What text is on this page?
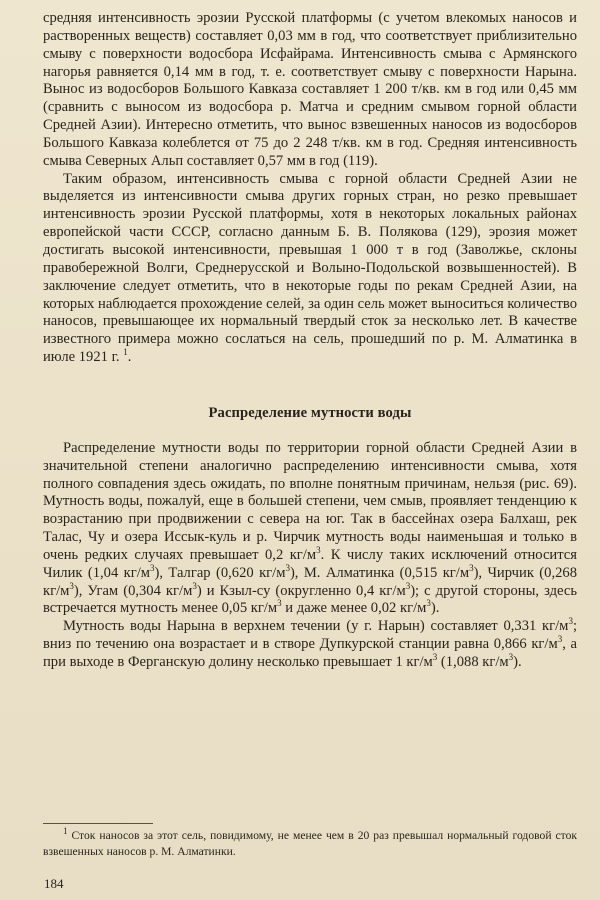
средняя интенсивность эрозии Русской платформы (с учетом влекомых наносов и растворенных веществ) составляет 0,03 мм в год, что соответствует приблизительно смыву с поверхности водосбора Исфайрама. Интенсивность смыва с Армянского нагорья равняется 0,14 мм в год, т. е. соответствует смыву с поверхности Нарына. Вынос из водосборов Большого Кавказа составляет 1 200 т/кв. км в год или 0,45 мм (сравнить с выносом из водосбора р. Матча и средним смывом горной области Средней Азии). Интересно отметить, что вынос взвешенных наносов из водосборов Большого Кавказа колеблется от 75 до 2 248 т/кв. км в год. Средняя интенсивность смыва Северных Альп составляет 0,57 мм в год (119).

Таким образом, интенсивность смыва с горной области Средней Азии не выделяется из интенсивности смыва других горных стран, но резко превышает интенсивность эрозии Русской платформы, хотя в некоторых локальных районах европейской части СССР, согласно данным Б. В. Полякова (129), эрозия может достигать высокой интенсивности, превышая 1 000 т в год (Заволжье, склоны правобережной Волги, Среднерусской и Волыно-Подольской возвышенностей). В заключение следует отметить, что в некоторые годы по рекам Средней Азии, на которых наблюдается прохождение селей, за один сель может выноситься количество наносов, превышающее их нормальный твердый сток за несколько лет. В качестве известного примера можно сослаться на сель, прошедший по р. М. Алматинка в июле 1921 г. $^1$.

Распределение мутности воды

Распределение мутности воды по территории горной области Средней Азии в значительной степени аналогично распределению интенсивности смыва, хотя полного совпадения здесь ожидать, по вполне понятным причинам, нельзя (рис. 69). Мутность воды, пожалуй, еще в большей степени, чем смыв, проявляет тенденцию к возрастанию при продвижении с севера на юг. Так в бассейнах озера Балхаш, рек Талас, Чу и озера Иссык-куль и р. Чирчик мутность воды наименьшая и только в очень редких случаях превышает 0,2 $кг/м^3$. К числу таких исключений относится Чилик (1,04 $кг/м^3$), Талгар (0,620 $кг/м^3$), М. Алматинка (0,515 $кг/м^3$), Чирчик (0,268 $кг/м^3$), Угам (0,304 $кг/м^3$) и Кзыл-су (округленно 0,4 $кг/м^3$); с другой стороны, здесь встречается мутность менее 0,05 $кг/м^3$ и даже менее 0,02 $кг/м^3$).

Мутность воды Нарына в верхнем течении (у г. Нарын) составляет 0,331 $кг/м^3$; вниз по течению она возрастает и в створе Дупкурской станции равна 0,866 $кг/м^3$, а при выходе в Ферганскую долину несколько превышает 1 $кг/м^3$ (1,088 $кг/м^3$).

$^1$ Сток наносов за этот сель, повидимому, не менее чем в 20 раз превышал нормальный годовой сток взвешенных наносов р. М. Алматинки.

184
